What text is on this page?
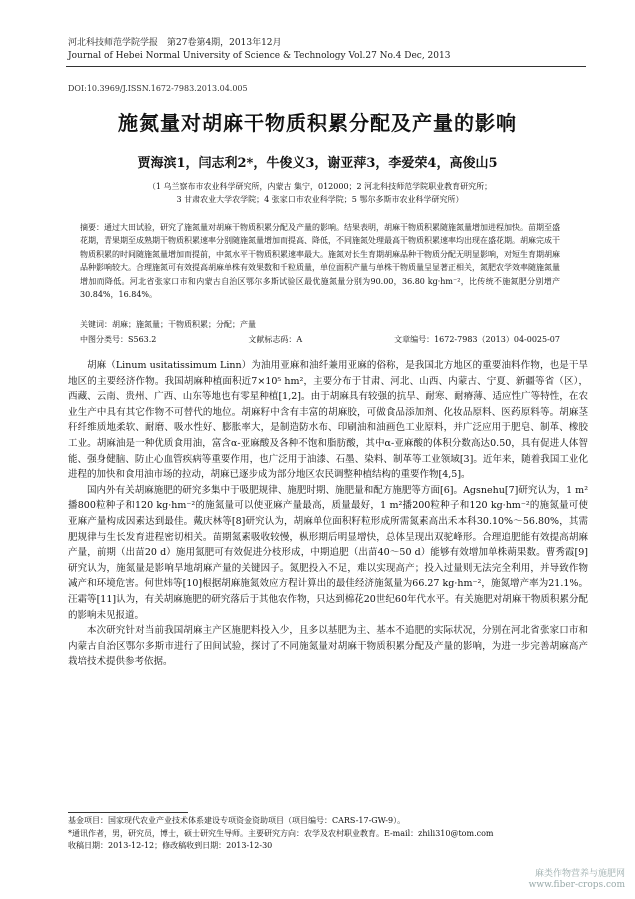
河北科技师范学院学报　第27卷第4期，2013年12月
Journal of Hebei Normal University of Science & Technology Vol.27 No.4 Dec, 2013
DOI:10.3969/J.ISSN.1672-7983.2013.04.005
施氮量对胡麻干物质积累分配及产量的影响
贾海滨1，闫志利2*，牛俊义3，谢亚萍3，李爱荣4，高俊山5
（1 乌兰察布市农业科学研究所，内蒙古 集宁，012000；2 河北科技师范学院职业教育研究所；
3 甘肃农业大学农学院；4 张家口市农业科学院；5 鄂尔多斯市农业科学研究所）
摘要：通过大田试验，研究了施氮量对胡麻干物质积累分配及产量的影响。结果表明，胡麻干物质积累随施氮量增加进程加快。苗期至盛花期，青果期至成熟期干物质积累速率分别随施氮量增加而提高、降低，不同施氮处理最高干物质积累速率均出现在盛花期。胡麻完成干物质积累的时间随施氮量增加而提前，中氮水平干物质积累速率最大。施氮对长生育期胡麻品种干物质分配无明显影响，对短生育期胡麻品种影响较大。合理施氮可有效提高胡麻单株有效果数和千粒质量，单位面积产量与单株干物质量呈显著正相关，氮肥农学效率随施氮量增加而降低。河北省张家口市和内蒙古自治区鄂尔多斯试验区最优施氮量分别为90.00，36.80 kg·hm⁻²，比传统不施氮肥分别增产30.84%，16.84%。
关键词：胡麻；施氮量；干物质积累；分配；产量
中图分类号：S563.2	文献标志码：A	文章编号：1672-7983（2013）04-0025-07

胡麻（Linum usitatissimum Linn）为油用亚麻和油纤兼用亚麻的俗称，是我国北方地区的重要油料作物，也是干旱地区的主要经济作物。我国胡麻种植面积近7×10⁵ hm²，主要分布于甘肃、河北、山西、内蒙古、宁夏、新疆等省（区），西藏、云南、贵州、广西、山东等地也有零星种植[1,2]。由于胡麻具有较强的抗旱、耐寒、耐瘠薄、适应性广等特性，在农业生产中具有其它作物不可替代的地位。胡麻籽中含有丰富的胡麻胶，可做食品添加剂、化妆品原料、医药原料等。胡麻茎秆纤维质地柔软、耐磨、吸水性好、膨胀率大，是制造防水布、印刷油和油画色工业原料，并广泛应用于肥皂、制革、橡胶工业。胡麻油是一种优质食用油，富含α-亚麻酸及各种不饱和脂肪酸，其中α-亚麻酸的体积分数高达0.50，具有促进人体智能、强身健脑、防止心血管疾病等重要作用，也广泛用于油漆、石墨、染料、制革等工业领域[3]。近年来，随着我国工业化进程的加快和食用油市场的拉动，胡麻已逐步成为部分地区农民调整种植结构的重要作物[4,5]。

国内外有关胡麻施肥的研究多集中于吸肥规律、施肥时期、施肥量和配方施肥等方面[6]。Agsnehu[7]研究认为，1 m²播800粒种子和120 kg·hm⁻²的施氮量可以使亚麻产量最高，质量最好，1 m²播200粒种子和120 kg·hm⁻²的施氮量可使亚麻产量构成因素达到最佳。戴庆林等[8]研究认为，胡麻单位面积籽粒形成所需氮素高出禾本科30.10%～56.80%，其需肥规律与生长发育进程密切相关。苗期氮素吸收较慢，枞形期后明显增快，总体呈现出双驼峰形。合理追肥能有效提高胡麻产量，前期（出苗20 d）施用氮肥可有效促进分枝形成，中期追肥（出苗40～50 d）能够有效增加单株蒴果数。曹秀霞[9]研究认为，施氮量是影响旱地胡麻产量的关键因子。氮肥投入不足，难以实现高产；投入过量则无法完全利用，并导致作物减产和环境危害。何世炜等[10]根据胡麻施氮效应方程计算出的最佳经济施氮量为66.27 kg·hm⁻²，施氮增产率为21.1%。汪霜等[11]认为，有关胡麻施肥的研究落后于其他农作物，只达到棉花20世纪60年代水平。有关施肥对胡麻干物质积累分配的影响未见报道。

本次研究针对当前我国胡麻主产区施肥料投入少，且多以基肥为主、基本不追肥的实际状况，分别在河北省张家口市和内蒙古自治区鄂尔多斯市进行了田间试验，探讨了不同施氮量对胡麻干物质积累分配及产量的影响，为进一步完善胡麻高产栽培技术提供参考依据。

基金项目：国家现代农业产业技术体系建设专项资金资助项目（项目编号：CARS-17-GW-9）。
*通讯作者，男，研究员，博士，硕士研究生导师。主要研究方向：农学及农村职业教育。E-mail：zhili310@tom.com
收稿日期：2013-12-12；修改稿收到日期：2013-12-30
麻类作物营养与施肥网
www.fiber-crops.com
